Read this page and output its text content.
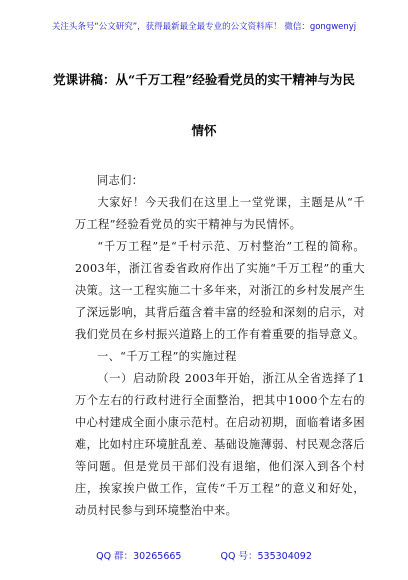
关注头条号“公文研究”，获得最新最全最专业的公文资料库！ 微信：gongwenyj
党课讲稿：从“千万工程”经验看党员的实干精神与为民
情怀
同志们：
大家好！今天我们在这里上一堂党课，主题是从“千万工程”经验看党员的实干精神与为民情怀。
“千万工程”是“千村示范、万村整治”工程的简称。2003年，浙江省委省政府作出了实施“千万工程”的重大决策。这一工程实施二十多年来，对浙江的乡村发展产生了深远影响，其背后蕴含着丰富的经验和深刻的启示，对我们党员在乡村振兴道路上的工作有着重要的指导意义。
一、“千万工程”的实施过程
（一）启动阶段 2003年开始，浙江从全省选择了1万个左右的行政村进行全面整治，把其中1000个左右的中心村建成全面小康示范村。在启动初期，面临着诸多困难，比如村庄环境脏乱差、基础设施薄弱、村民观念落后等问题。但是党员干部们没有退缩，他们深入到各个村庄，挨家挨户做工作，宣传“千万工程”的意义和好处，动员村民参与到环境整治中来。
QQ 群：30265665	QQ 号：535304092
